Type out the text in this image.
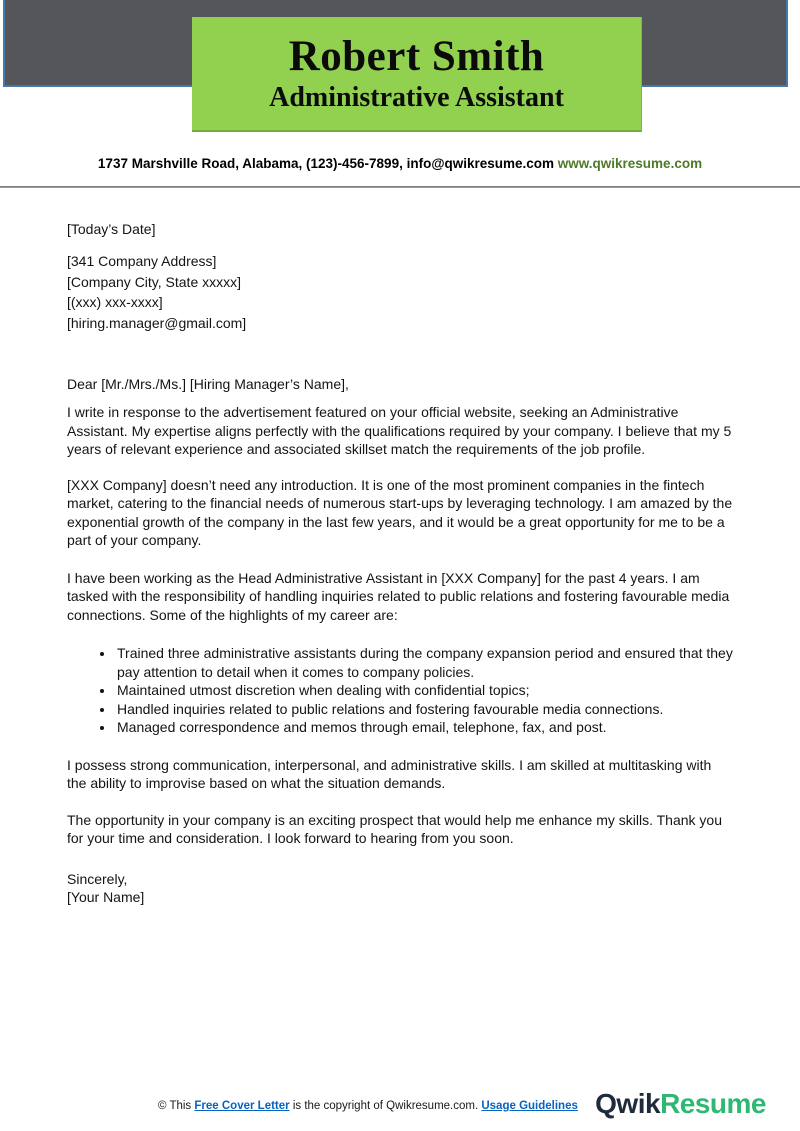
Robert Smith
Administrative Assistant
1737 Marshville Road, Alabama, (123)-456-7899, info@qwikresume.com www.qwikresume.com
[Today’s Date]
[341 Company Address]
[Company City, State xxxxx]
[(xxx) xxx-xxxx]
[hiring.manager@gmail.com]
Dear [Mr./Mrs./Ms.] [Hiring Manager’s Name],

I write in response to the advertisement featured on your official website, seeking an Administrative Assistant. My expertise aligns perfectly with the qualifications required by your company. I believe that my 5 years of relevant experience and associated skillset match the requirements of the job profile.

[XXX Company] doesn’t need any introduction. It is one of the most prominent companies in the fintech market, catering to the financial needs of numerous start-ups by leveraging technology. I am amazed by the exponential growth of the company in the last few years, and it would be a great opportunity for me to be a part of your company.

I have been working as the Head Administrative Assistant in [XXX Company] for the past 4 years. I am tasked with the responsibility of handling inquiries related to public relations and fostering favourable media connections. Some of the highlights of my career are:

• Trained three administrative assistants during the company expansion period and ensured that they pay attention to detail when it comes to company policies.
• Maintained utmost discretion when dealing with confidential topics;
• Handled inquiries related to public relations and fostering favourable media connections.
• Managed correspondence and memos through email, telephone, fax, and post.

I possess strong communication, interpersonal, and administrative skills. I am skilled at multitasking with the ability to improvise based on what the situation demands.

The opportunity in your company is an exciting prospect that would help me enhance my skills. Thank you for your time and consideration. I look forward to hearing from you soon.

Sincerely,
[Your Name]
© This Free Cover Letter is the copyright of Qwikresume.com. Usage Guidelines QwikResume
